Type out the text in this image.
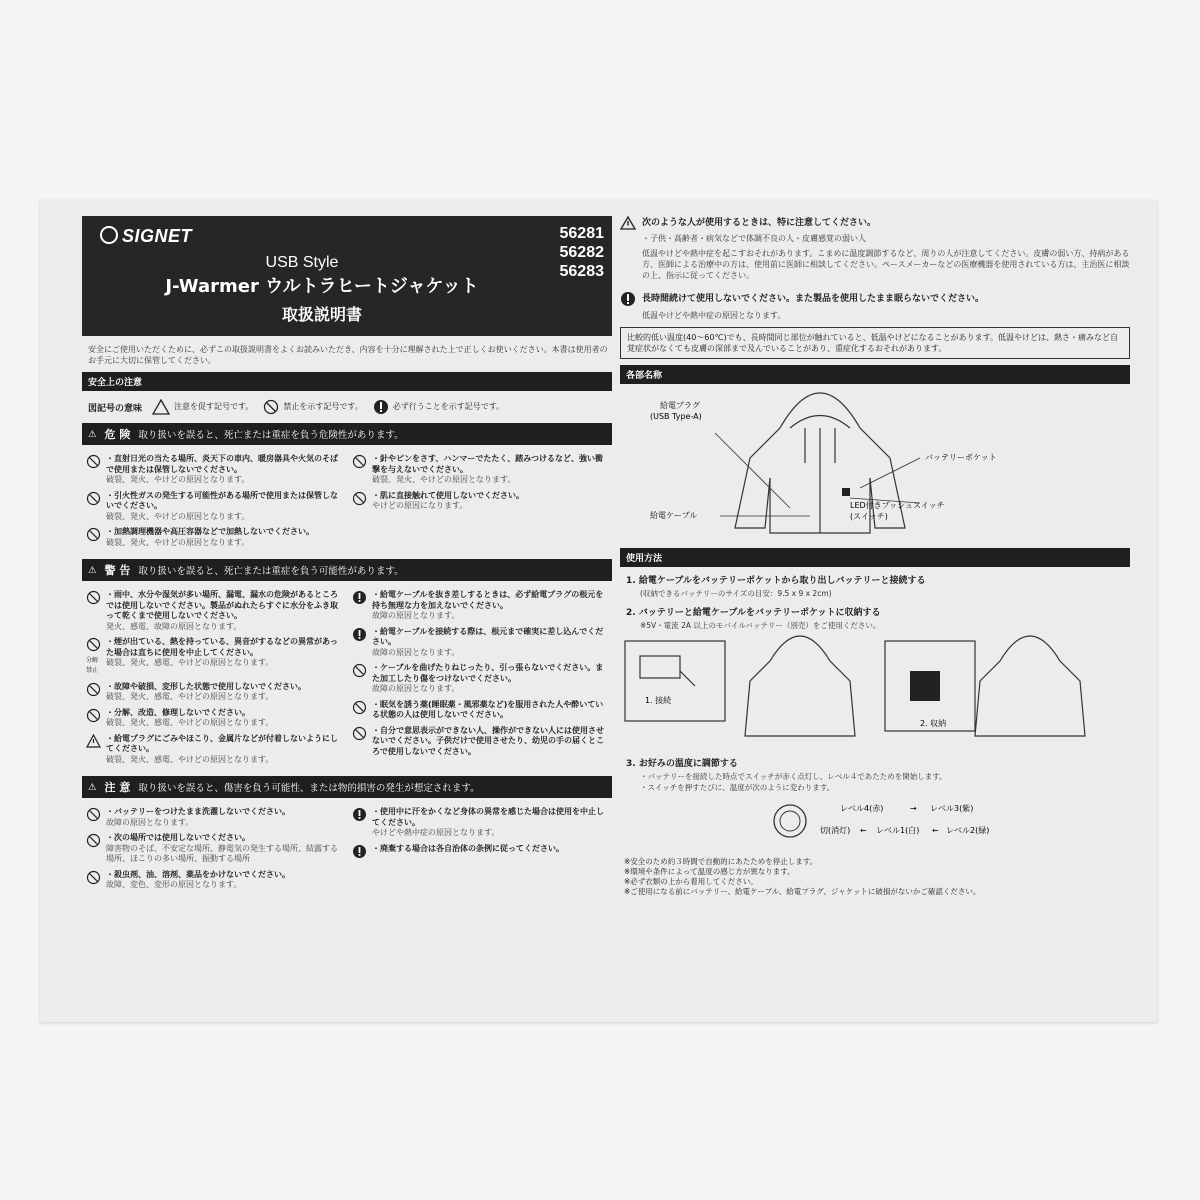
SIGNET	56281
56282
56283
USB Style
J-Warmer ウルトラヒートジャケット
取扱説明書
安全にご使用いただくために、必ずこの取扱説明書をよくお読みいただき、内容を十分に理解された上で正しくお使いください。本書は使用者のお手元に大切に保管してください。
安全上の注意
図記号の意味	注意を促す記号です。	禁止を示す記号です。	必ず行うことを示す記号です。
⚠ 危 険 取り扱いを誤ると、死亡または重症を負う危険性があります。
・直射日光の当たる場所、炎天下の車内、暖房器具や火気のそばで使用または保管しないでください。
破裂、発火、やけどの原因となります。
・引火性ガスの発生する可能性がある場所で使用または保管しないでください。
破裂、発火、やけどの原因となります。
・加熱調理機器や高圧容器などで加熱しないでください。
破裂、発火、やけどの原因となります。
・針やピンをさす、ハンマーでたたく、踏みつけるなど、強い衝撃を与えないでください。
破裂、発火、やけどの原因となります。
・肌に直接触れて使用しないでください。
やけどの原因になります。
⚠ 警 告 取り扱いを誤ると、死亡または重症を負う可能性があります。
・雨中、水分や湿気が多い場所、漏電、漏水の危険があるところでは使用しないでください。製品がぬれたらすぐに水分をふき取って乾くまで使用しないでください。
発火、感電、故障の原因となります。
分解禁止
・煙が出ている、熱を持っている、異音がするなどの異常があった場合は直ちに使用を中止してください。
破裂、発火、感電、やけどの原因となります。
・故障や破損、変形した状態で使用しないでください。
破裂、発火、感電、やけどの原因となります。
・分解、改造、修理しないでください。
破裂、発火、感電、やけどの原因となります。
・給電プラグにごみやほこり、金属片などが付着しないようにしてください。
破裂、発火、感電、やけどの原因となります。
・給電ケーブルを抜き差しするときは、必ず給電プラグの根元を持ち無理な力を加えないでください。
故障の原因となります。
・給電ケーブルを接続する際は、根元まで確実に差し込んでください。
故障の原因となります。
・ケーブルを曲げたりねじったり、引っ張らないでください。また加工したり傷をつけないでください。
故障の原因となります。
・眠気を誘う薬(睡眠薬・風邪薬など)を服用された人や酔いている状態の人は使用しないでください。
・自分で意思表示ができない人、操作ができない人には使用させないでください。子供だけで使用させたり、幼児の手の届くところで使用しないでください。
⚠ 注 意 取り扱いを誤ると、傷害を負う可能性、または物的損害の発生が想定されます。
・バッテリーをつけたまま洗濯しないでください。
故障の原因となります。
・次の場所では使用しないでください。
障害物のそば、不安定な場所、静電気の発生する場所、結露する場所、ほこりの多い場所、振動する場所
・殺虫剤、油、溶剤、薬品をかけないでください。
故障、変色、変形の原因となります。
・使用中に汗をかくなど身体の異常を感じた場合は使用を中止してください。
やけどや熱中症の原因となります。
・廃棄する場合は各自治体の条例に従ってください。
次のような人が使用するときは、特に注意してください。
・子供・高齢者・病気などで体調不良の人・皮膚感覚の弱い人
低温やけどや熱中症を起こすおそれがあります。こまめに温度調節するなど、周りの人が注意してください。皮膚の弱い方、持病がある方、医師による治療中の方は、使用前に医師に相談してください。ペースメーカーなどの医療機器を使用されている方は、主治医に相談の上、指示に従ってください。
長時間続けて使用しないでください。また製品を使用したまま眠らないでください。
低温やけどや熱中症の原因となります。
比較的低い温度(40〜60℃)でも、長時間同じ部位が触れていると、低温やけどになることがあります。低温やけどは、熱さ・痛みなど自覚症状がなくても皮膚の深部まで及んでいることがあり、重症化するおそれがあります。
各部名称
給電プラグ
(USB Type-A)
バッテリーポケット
給電ケーブル
LED付きプッシュスイッチ
(スイッチ)
使用方法
1. 給電ケーブルをバッテリーポケットから取り出しバッテリーと接続する
(収納できるバッテリーのサイズの目安：9.5 x 9 x 2cm)
2. バッテリーと給電ケーブルをバッテリーポケットに収納する
※5V・電流 2A 以上のモバイルバッテリー（別売）をご使用ください。
1. 接続
2. 収納
3. お好みの温度に調節する
・バッテリーを接続した時点でスイッチが赤く点灯し、レベル４であたためを開始します。
・スイッチを押すたびに、温度が次のように変わります。
レベル4(赤)	→ レベル3(紫)
切(消灯) ← レベル1(白) ← レベル2(緑)
※安全のため約３時間で自動的にあたためを停止します。
※環境や条件によって温度の感じ方が異なります。
※必ず衣類の上から着用してください。
※ご使用になる前にバッテリー、給電ケーブル、給電プラグ、ジャケットに破損がないかご確認ください。
